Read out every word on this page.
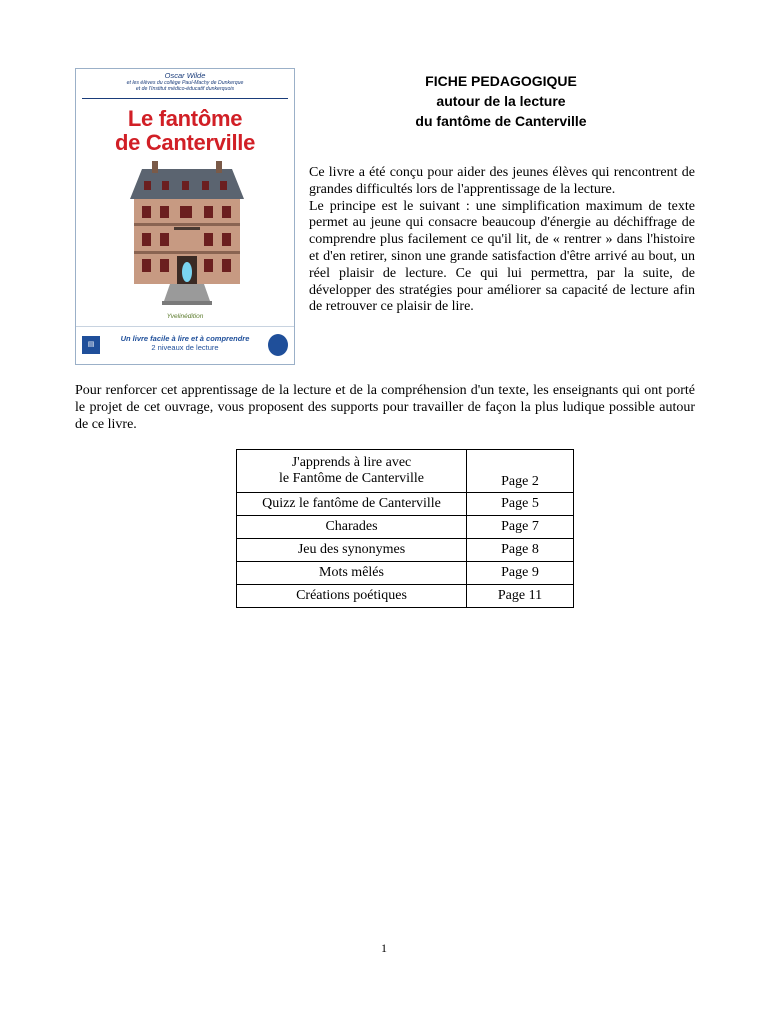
Oscar Wilde
et les élèves du collège Paul-Machy de Dunkerque
et de l'Institut médico-éducatif dunkerquois
Le fantôme
de Canterville
Yvelinédition
▤
Un livre facile à lire et à comprendre
2 niveaux de lecture
FICHE PEDAGOGIQUE
autour de la lecture
du fantôme de Canterville

Ce livre a été conçu pour aider des jeunes élèves qui rencontrent de grandes difficultés lors de l'apprentissage de la lecture.

Le principe est le suivant : une simplification maximum de texte permet au jeune qui consacre beaucoup d'énergie au déchiffrage de comprendre plus facilement ce qu'il lit, de « rentrer » dans l'histoire et d'en retirer, sinon une grande satisfaction d'être arrivé au bout, un réel plaisir de lecture. Ce qui lui permettra, par la suite, de développer des stratégies pour améliorer sa capacité de lecture afin de retrouver ce plaisir de lire.

Pour renforcer cet apprentissage de la lecture et de la compréhension d'un texte, les enseignants qui ont porté le projet de cet ouvrage, vous proposent des supports pour travailler de façon la plus ludique possible autour de ce livre.

J'apprends à lire avec
le Fantôme de Canterville	Page 2
Quizz le fantôme de Canterville	Page 5
Charades	Page 7
Jeu des synonymes	Page 8
Mots mêlés	Page 9
Créations poétiques	Page 11
1
